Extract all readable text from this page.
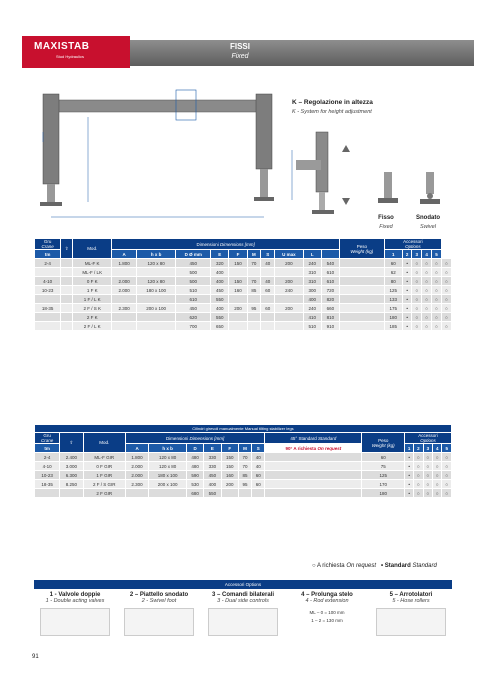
MAXISTAB
Stud Hydraulics
FISSI
Fixed
K – Regolazione in altezza
K - System for height adjustment
Fisso
Fixed
Snodato
Swivel
Gru
Crane	⇧	Mod.	Dimensioni Dimensions [mm]										Peso
Weight (kg)	Accessori
Options					
tm			A	h x b	D Ø mm	E	F	M	S	U max	L			1	2	3	4	5	
2-4		ML-F K	1.800	120 x 80	450	320	150	70	40	200	240	540		60	•	○	○	○	○
		ML-F / LK			500	400					310	610		62	•	○	○	○	○
4-10		0 F K	2.000	120 x 80	500	400	150	70	40	200	310	610		80	•	○	○	○	○
10-23		1 F K	2.000	180 x 100	510	450	160	85	60	240	300	720		125	•	○	○	○	○
		1 F / L K			610	550					400	820		133	•	○	○	○	○
18-35		2 F / S K	2.300	200 x 100	450	400	200	95	60	200	240	660		175	•	○	○	○	○
		2 F K			620	550					410	810		180	•	○	○	○	○
		2 F / L K			700	650					510	910		185	•	○	○	○	○
Cilindri girevoli manualmente Manual tilting stabilizer legs																
Gru
Crane	⇧	Mod.	Dimensioni Dimensions [mm]							45° Standard Standard	Peso
Weight (kg)	Accessori
Options				
tm			A	h x b	D	E	F	M	S	90° A richiesta On request		1	2	3	4	5
2-4	2.400	ML-F GIR	1.800	120 x 80	480	330	150	70	40		60	•	○	○	○	○
4-10	3.000	0 F GIR	2.000	120 x 80	480	330	150	70	40		75	•	○	○	○	○
10-23	6.300	1 F GIR	2.000	180 x 100	590	450	160	85	60		125	•	○	○	○	○
18-35	8.250	2 F / S GIR	2.300	200 x 100	530	400	200	95	60		170	•	○	○	○	○
		2 F GIR			680	550					180	•	○	○	○	○
○ A richiesta On request • Standard Standard
Accessori Options
1 - Valvole doppie
1 - Double acting valves
2 – Piattello snodato
2 - Swivel foot
3 – Comandi bilaterali
3 - Dual side controls
4 – Prolunga stelo
4 - Rod extension
ML – 0 = 100 mm
1 – 2 = 130 mm
5 – Arrotolatori
5 - Hose rollers
91
